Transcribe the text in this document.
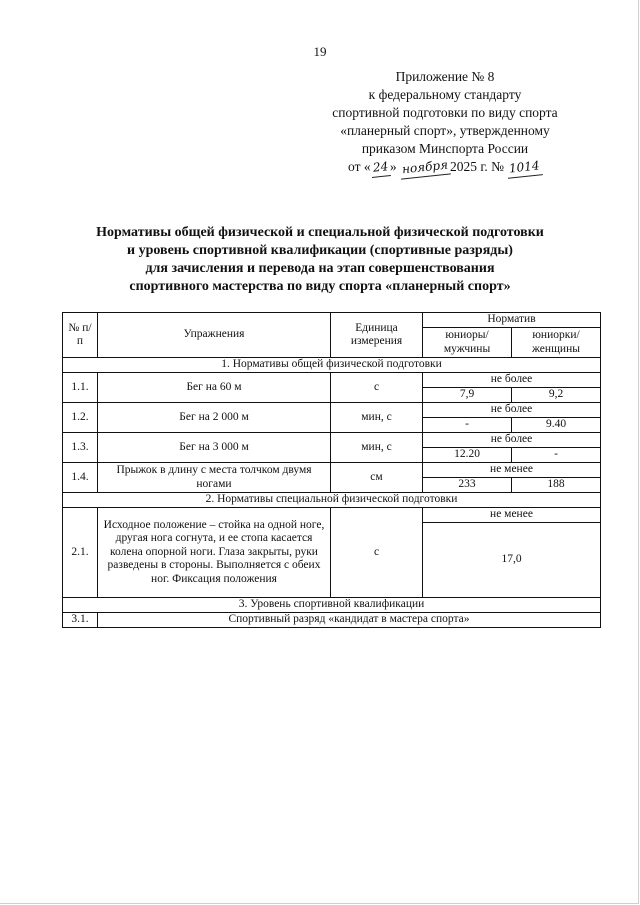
19
Приложение № 8
к федеральному стандарту
спортивной подготовки по виду спорта
«планерный спорт», утвержденному
приказом Минспорта России
от «24» ноября2025 г. № 1014
Нормативы общей физической и специальной физической подготовки
и уровень спортивной квалификации (спортивные разряды)
для зачисления и перевода на этап совершенствования
спортивного мастерства по виду спорта «планерный спорт»
№ п/п	Упражнения	Единица измерения	Норматив	
			юниоры/ мужчины	юниорки/ женщины
1. Нормативы общей физической подготовки				
1.1.	Бег на 60 м	с	не более	
			7,9	9,2
1.2.	Бег на 2 000 м	мин, с	не более	
			-	9.40
1.3.	Бег на 3 000 м	мин, с	не более	
			12.20	-
1.4.	Прыжок в длину с места толчком двумя ногами	см	не менее	
			233	188
2. Нормативы специальной физической подготовки				
2.1.	Исходное положение – стойка на одной ноге, другая нога согнута, и ее стопа касается колена опорной ноги. Глаза закрыты, руки разведены в стороны. Выполняется с обеих ног. Фиксация положения	с	не менее	
			17,0	
3. Уровень спортивной квалификации				
3.1.	Спортивный разряд «кандидат в мастера спорта»			
